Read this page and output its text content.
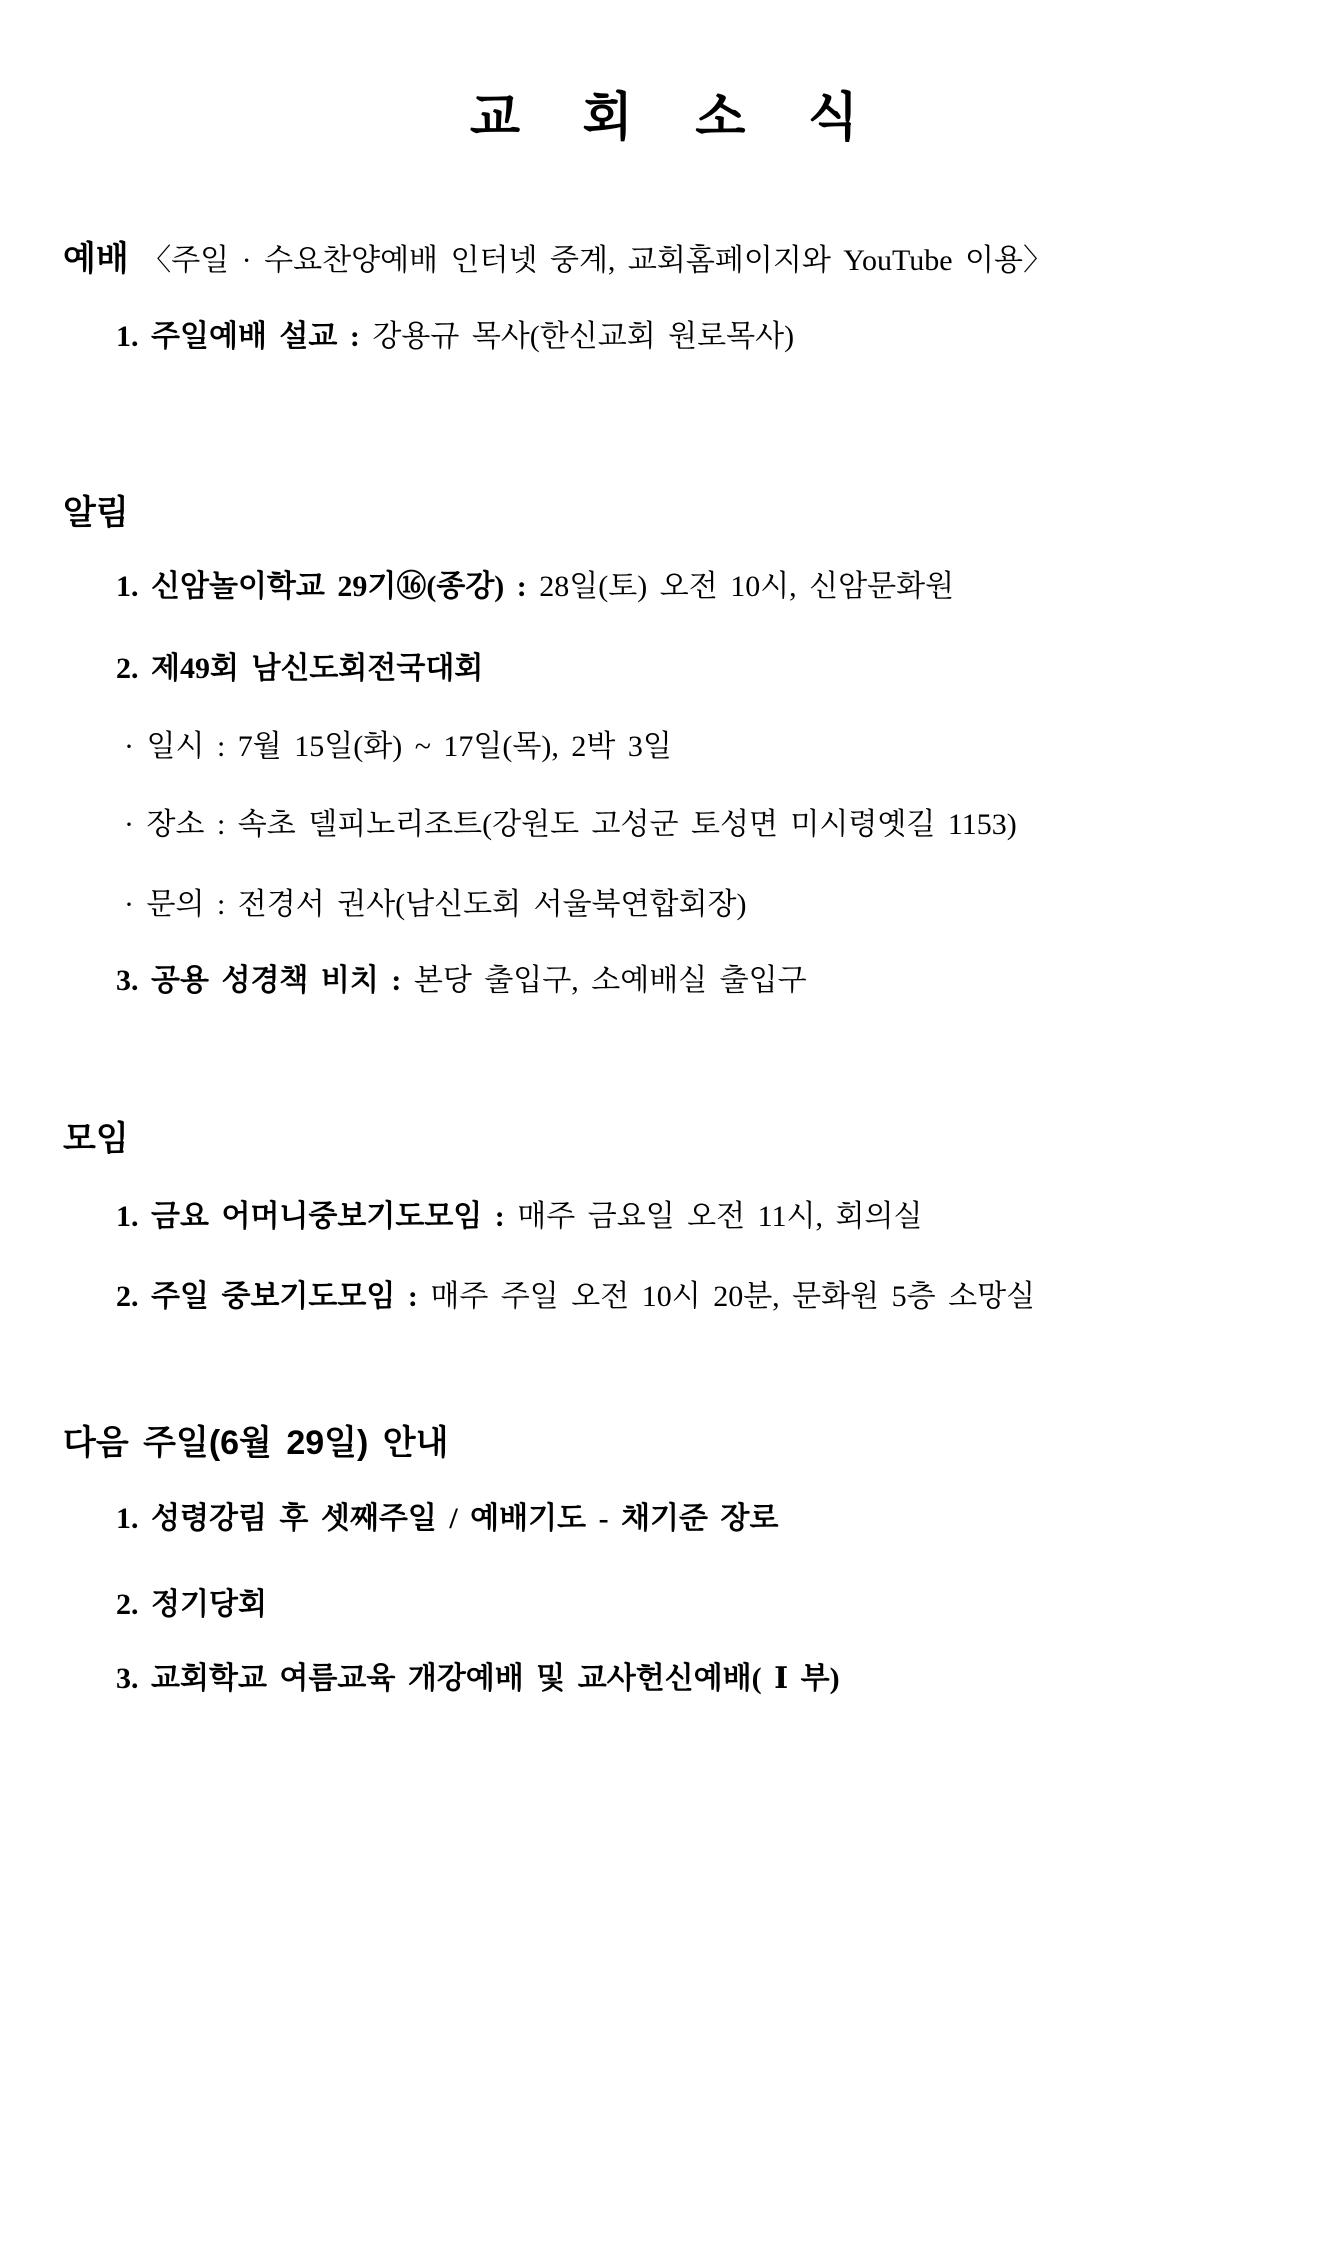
교 회 소 식
예배 〈주일 · 수요찬양예배 인터넷 중계, 교회홈페이지와 YouTube 이용〉
1. 주일예배 설교 : 강용규 목사(한신교회 원로목사)
알림
1. 신암놀이학교 29기⑯(종강) : 28일(토) 오전 10시, 신암문화원
2. 제49회 남신도회전국대회
· 일시 : 7월 15일(화) ~ 17일(목), 2박 3일
· 장소 : 속초 델피노리조트(강원도 고성군 토성면 미시령옛길 1153)
· 문의 : 전경서 권사(남신도회 서울북연합회장)
3. 공용 성경책 비치 : 본당 출입구, 소예배실 출입구
모임
1. 금요 어머니중보기도모임 : 매주 금요일 오전 11시, 회의실
2. 주일 중보기도모임 : 매주 주일 오전 10시 20분, 문화원 5층 소망실
다음 주일(6월 29일) 안내
1. 성령강림 후 셋째주일 / 예배기도 - 채기준 장로
2. 정기당회
3. 교회학교 여름교육 개강예배 및 교사헌신예배( Ⅰ 부)
